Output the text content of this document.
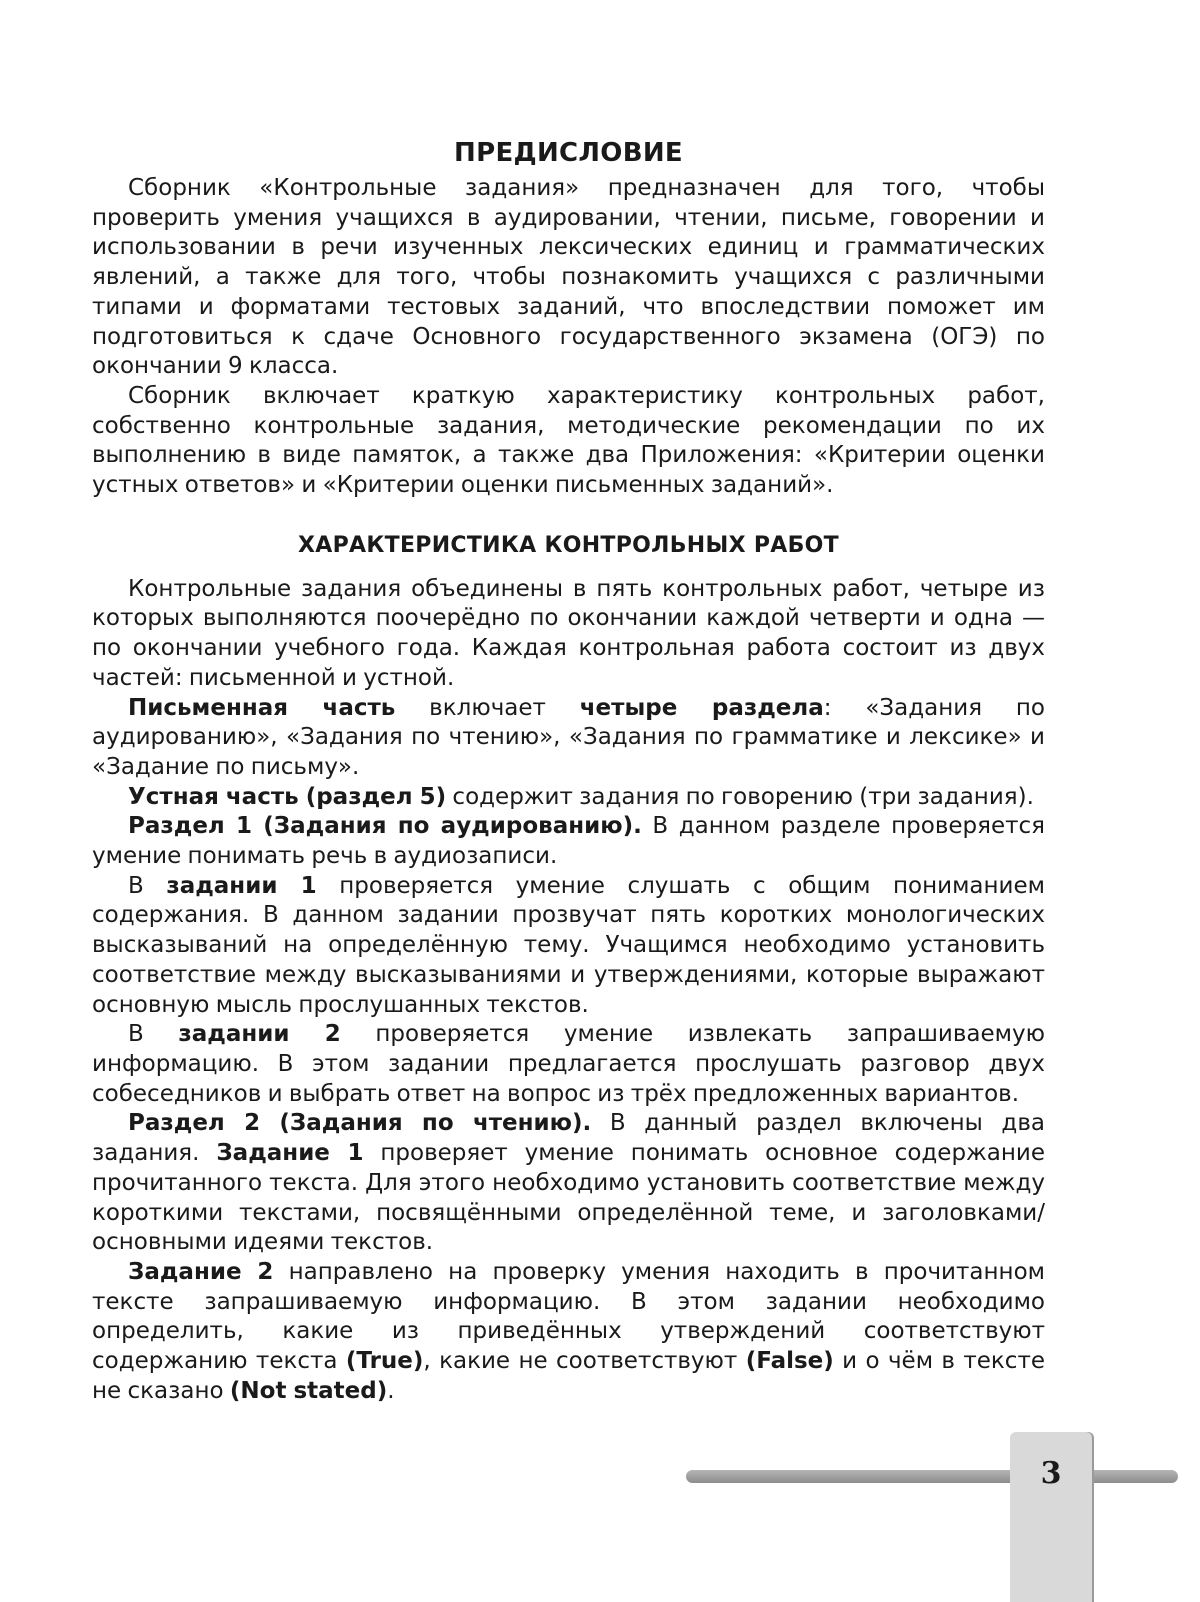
ПРЕДИСЛОВИЕ

Сборник «Контрольные задания» предназначен для того, чтобы проверить умения учащихся в аудировании, чтении, письме, говорении и использовании в речи изученных лексических единиц и грамматических явлений, а также для того, чтобы познакомить учащихся с различными типами и форматами тестовых заданий, что впоследствии поможет им подготовиться к сдаче Основного государственного экзамена (ОГЭ) по окончании 9 класса.

Сборник включает краткую характеристику контрольных работ, собственно контрольные задания, методические рекомендации по их выполнению в виде памяток, а также два Приложения: «Критерии оценки устных ответов» и «Критерии оценки письменных заданий».

ХАРАКТЕРИСТИКА КОНТРОЛЬНЫХ РАБОТ

Контрольные задания объединены в пять контрольных работ, четыре из которых выполняются поочерёдно по окончании каждой четверти и одна — по окончании учебного года. Каждая контрольная работа состоит из двух частей: письменной и устной.

Письменная часть включает четыре раздела: «Задания по аудированию», «Задания по чтению», «Задания по грамматике и лексике» и «Задание по письму».

Устная часть (раздел 5) содержит задания по говорению (три задания).

Раздел 1 (Задания по аудированию). В данном разделе проверяется умение понимать речь в аудиозаписи.

В задании 1 проверяется умение слушать с общим пониманием содержания. В данном задании прозвучат пять коротких монологических высказываний на определённую тему. Учащимся необходимо установить соответствие между высказываниями и утверждениями, которые выражают основную мысль прослушанных текстов.

В задании 2 проверяется умение извлекать запрашиваемую информацию. В этом задании предлагается прослушать разговор двух собеседников и выбрать ответ на вопрос из трёх предложенных вариантов.

Раздел 2 (Задания по чтению). В данный раздел включены два задания. Задание 1 проверяет умение понимать основное содержание прочитанного текста. Для этого необходимо установить соответствие между короткими текстами, посвящёнными определённой теме, и заголовками/основными идеями текстов.

Задание 2 направлено на проверку умения находить в прочитанном тексте запрашиваемую информацию. В этом задании необходимо определить, какие из приведённых утверждений соответствуют содержанию текста (True), какие не соответствуют (False) и о чём в тексте не сказано (Not stated).

3
